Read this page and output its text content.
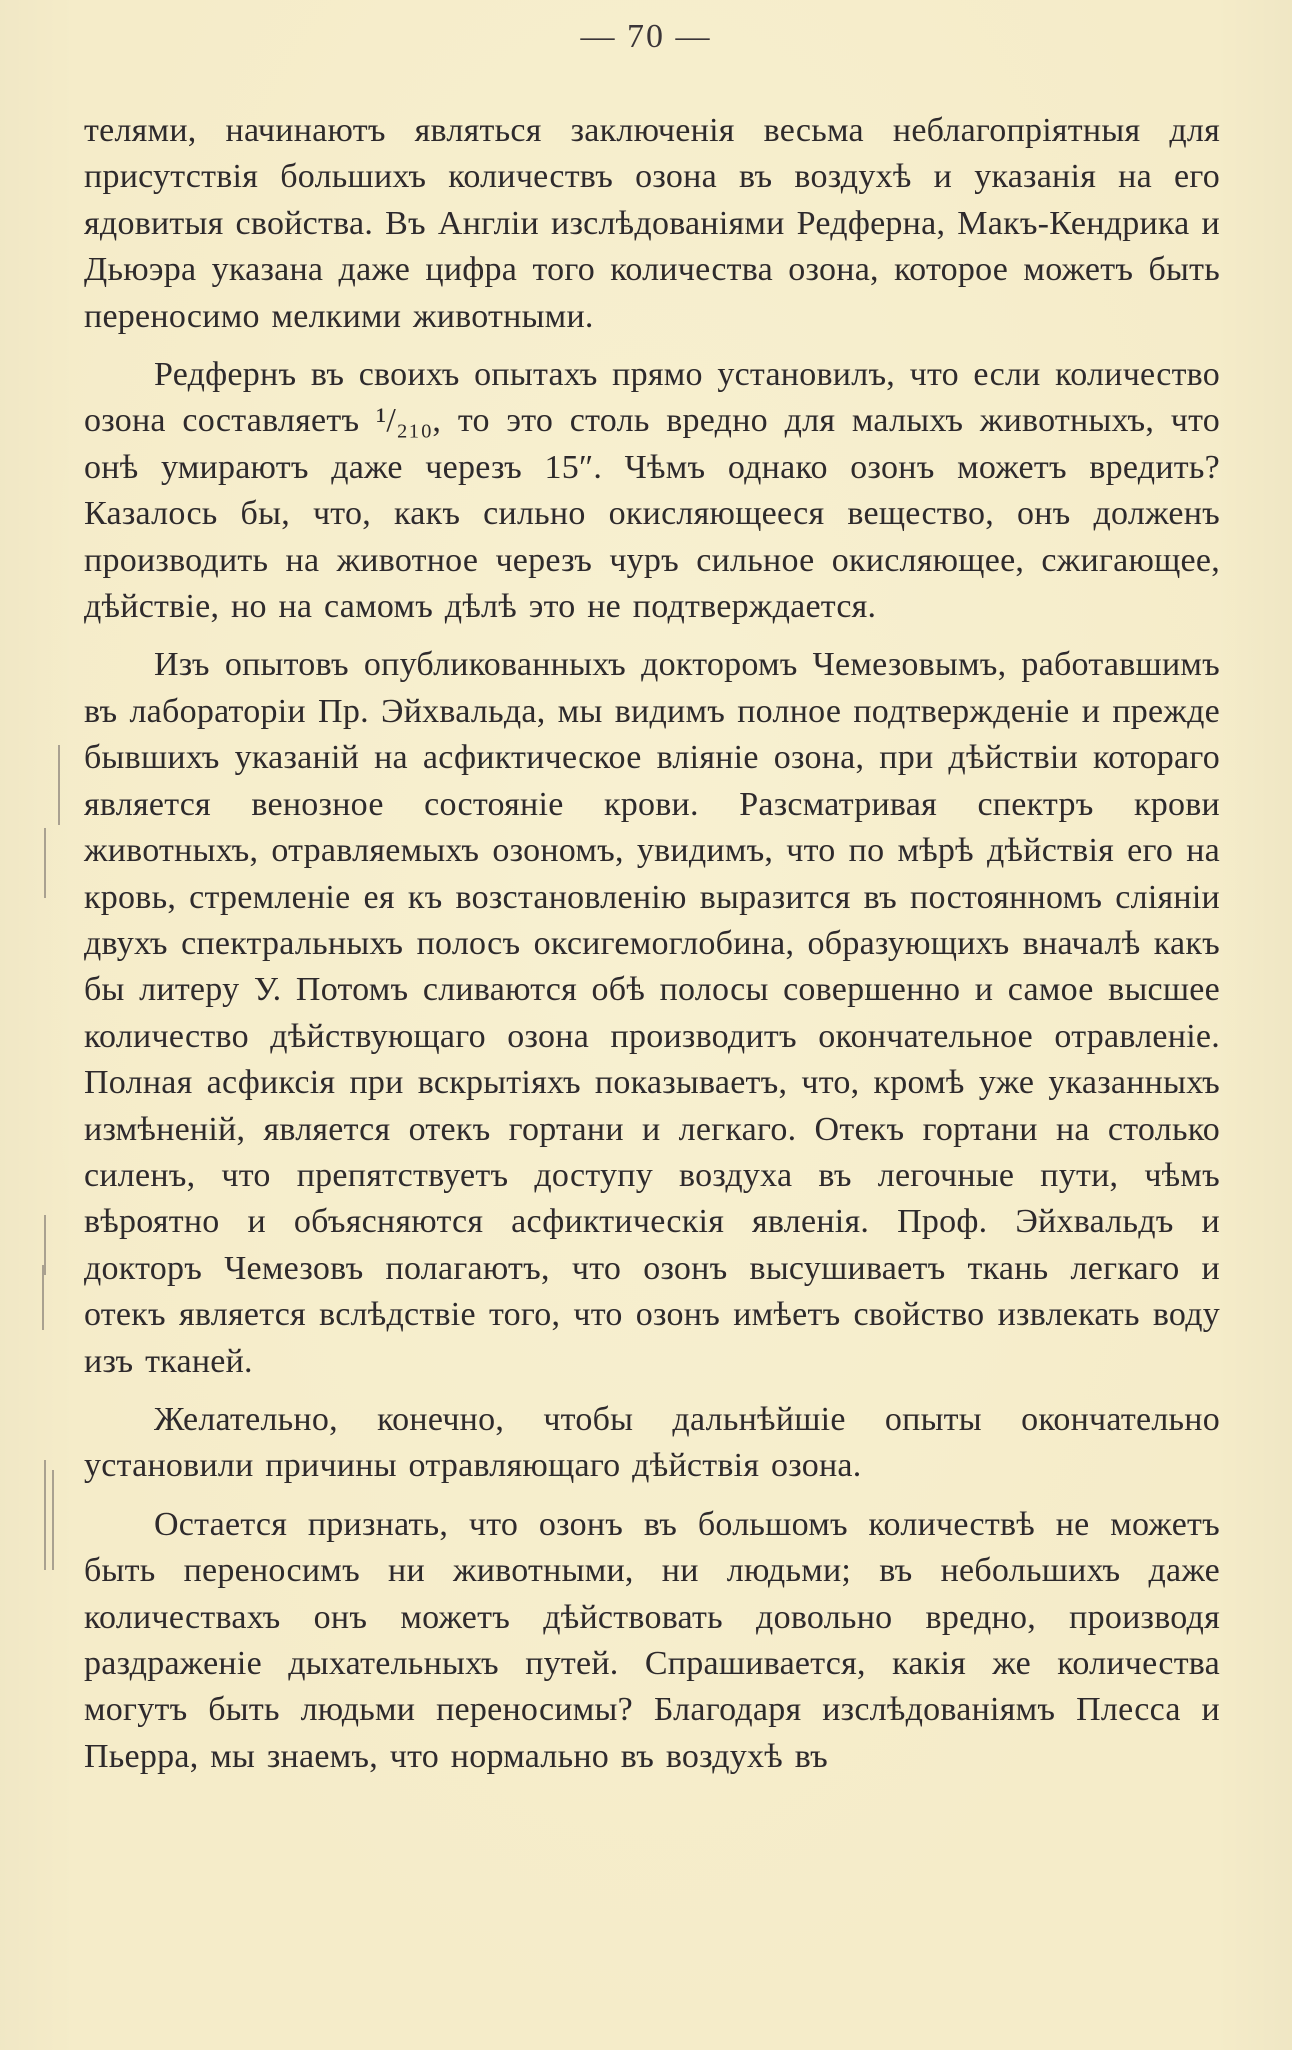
— 70 —

телями, начинаютъ являться заключенія весьма неблагопріятныя для присутствія большихъ количествъ озона въ воздухѣ и указанія на его ядовитыя свойства. Въ Англіи изслѣдованіями Редферна, Макъ-Кендрика и Дьюэра указана даже цифра того количества озона, которое можетъ быть переносимо мелкими животными.

Редфернъ въ своихъ опытахъ прямо установилъ, что если количество озона составляетъ ¹/₂₁₀, то это столь вредно для малыхъ животныхъ, что онѣ умираютъ даже черезъ 15″. Чѣмъ однако озонъ можетъ вредить? Казалось бы, что, какъ сильно окисляющееся вещество, онъ долженъ производить на животное черезъ чуръ сильное окисляющее, сжигающее, дѣйствіе, но на самомъ дѣлѣ это не подтверждается.

Изъ опытовъ опубликованныхъ докторомъ Чемезовымъ, работавшимъ въ лабораторіи Пр. Эйхвальда, мы видимъ полное подтвержденіе и прежде бывшихъ указаній на асфиктическое вліяніе озона, при дѣйствіи котораго является венозное состояніе крови. Разсматривая спектръ крови животныхъ, отравляемыхъ озономъ, увидимъ, что по мѣрѣ дѣйствія его на кровь, стремленіе ея къ возстановленію выразится въ постоянномъ сліяніи двухъ спектральныхъ полосъ оксигемоглобина, образующихъ вначалѣ какъ бы литеру У. Потомъ сливаются обѣ полосы совершенно и самое высшее количество дѣйствующаго озона производитъ окончательное отравленіе. Полная асфиксія при вскрытіяхъ показываетъ, что, кромѣ уже указанныхъ измѣненій, является отекъ гортани и легкаго. Отекъ гортани на столько силенъ, что препятствуетъ доступу воздуха въ легочные пути, чѣмъ вѣроятно и объясняются асфиктическія явленія. Проф. Эйхвальдъ и докторъ Чемезовъ полагаютъ, что озонъ высушиваетъ ткань легкаго и отекъ является вслѣдствіе того, что озонъ имѣетъ свойство извлекать воду изъ тканей.

Желательно, конечно, чтобы дальнѣйшіе опыты окончательно установили причины отравляющаго дѣйствія озона.

Остается признать, что озонъ въ большомъ количествѣ не можетъ быть переносимъ ни животными, ни людьми; въ небольшихъ даже количествахъ онъ можетъ дѣйствовать довольно вредно, производя раздраженіе дыхательныхъ путей. Спрашивается, какія же количества могутъ быть людьми переносимы? Благодаря изслѣдованіямъ Плесса и Пьерра, мы знаемъ, что нормально въ воздухѣ въ
